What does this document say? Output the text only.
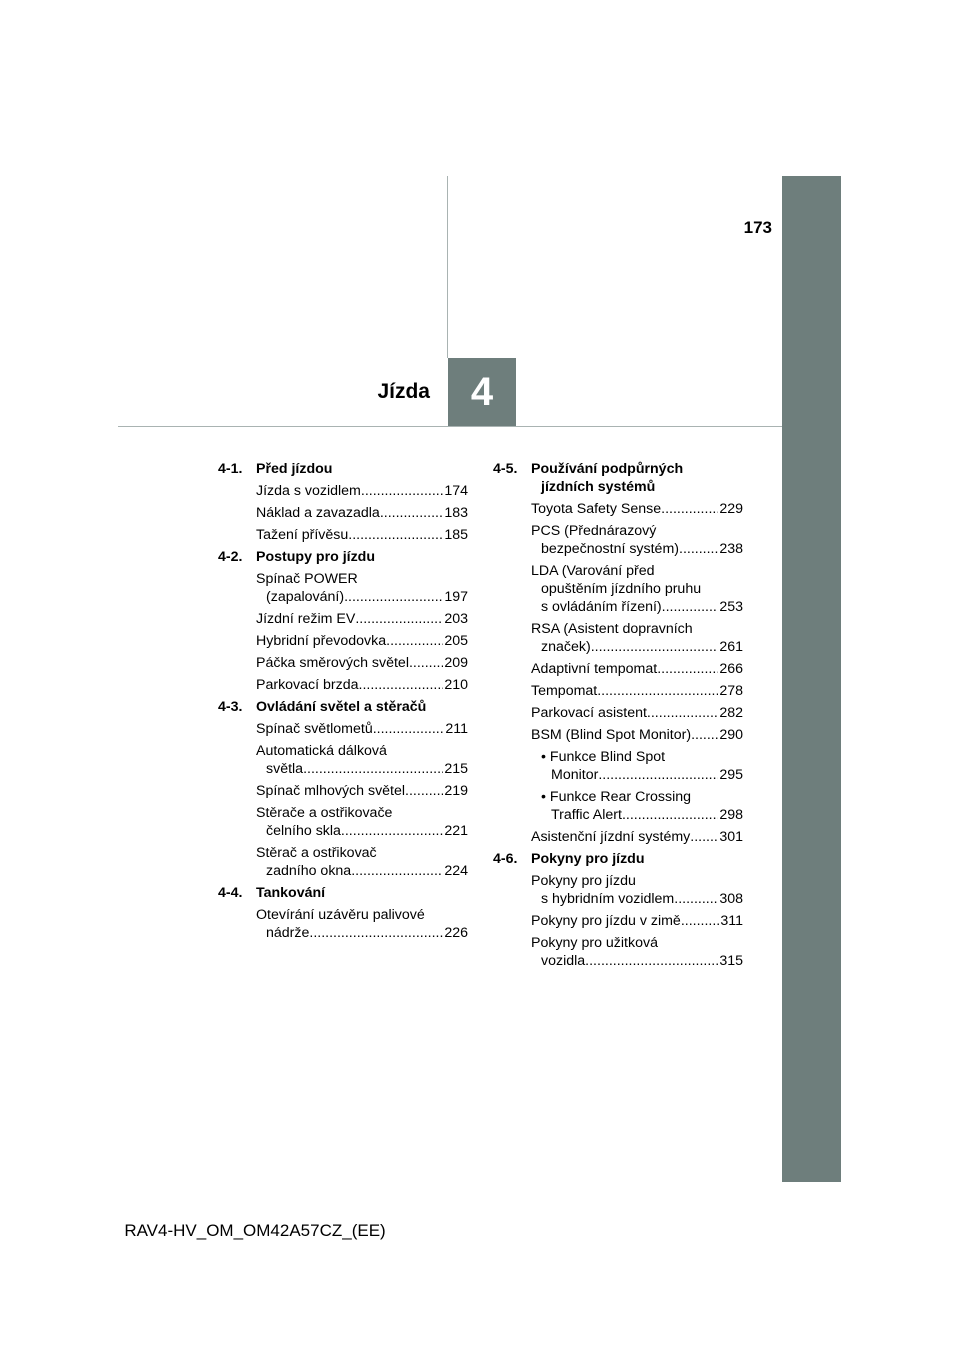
173
Jízda 4
4-1. Před jízdou
Jízda s vozidlem .....	174
Náklad a zavazadla .....	183
Tažení přívěsu .....	185
4-2. Postupy pro jízdu
Spínač POWER
(zapalování) .....	197
Jízdní režim EV .....	203
Hybridní převodovka .....	205
Páčka směrových světel ..... 209
Parkovací brzda .....	210
4-3. Ovládání světel a stěračů
Spínač světlometů .....	211
Automatická dálková
světla .....	215
Spínač mlhových světel .....	219
Stěrače a ostřikovače
čelního skla .....	221
Stěrač a ostřikovač
zadního okna .....	224
4-4. Tankování
Otevírání uzávěru palivové
nádrže .....	226
4-5. Používání podpůrných
jízdních systémů
Toyota Safety Sense .....	229
PCS (Přednárazový
bezpečnostní systém) .....	238
LDA (Varování před
opuštěním jízdního pruhu
s ovládáním řízení) .....	253
RSA (Asistent dopravních
značek) .....	261
Adaptivní tempomat .....	266
Tempomat .....	278
Parkovací asistent .....	282
BSM (Blind Spot Monitor) ..... 290
• Funkce Blind Spot
Monitor .....	295
• Funkce Rear Crossing
Traffic Alert .....	298
Asistenční jízdní systémy ..... 301
4-6. Pokyny pro jízdu
Pokyny pro jízdu
s hybridním vozidlem .....	308
Pokyny pro jízdu v zimě .....	311
Pokyny pro užitková
vozidla .....	315
RAV4-HV_OM_OM42A57CZ_(EE)
